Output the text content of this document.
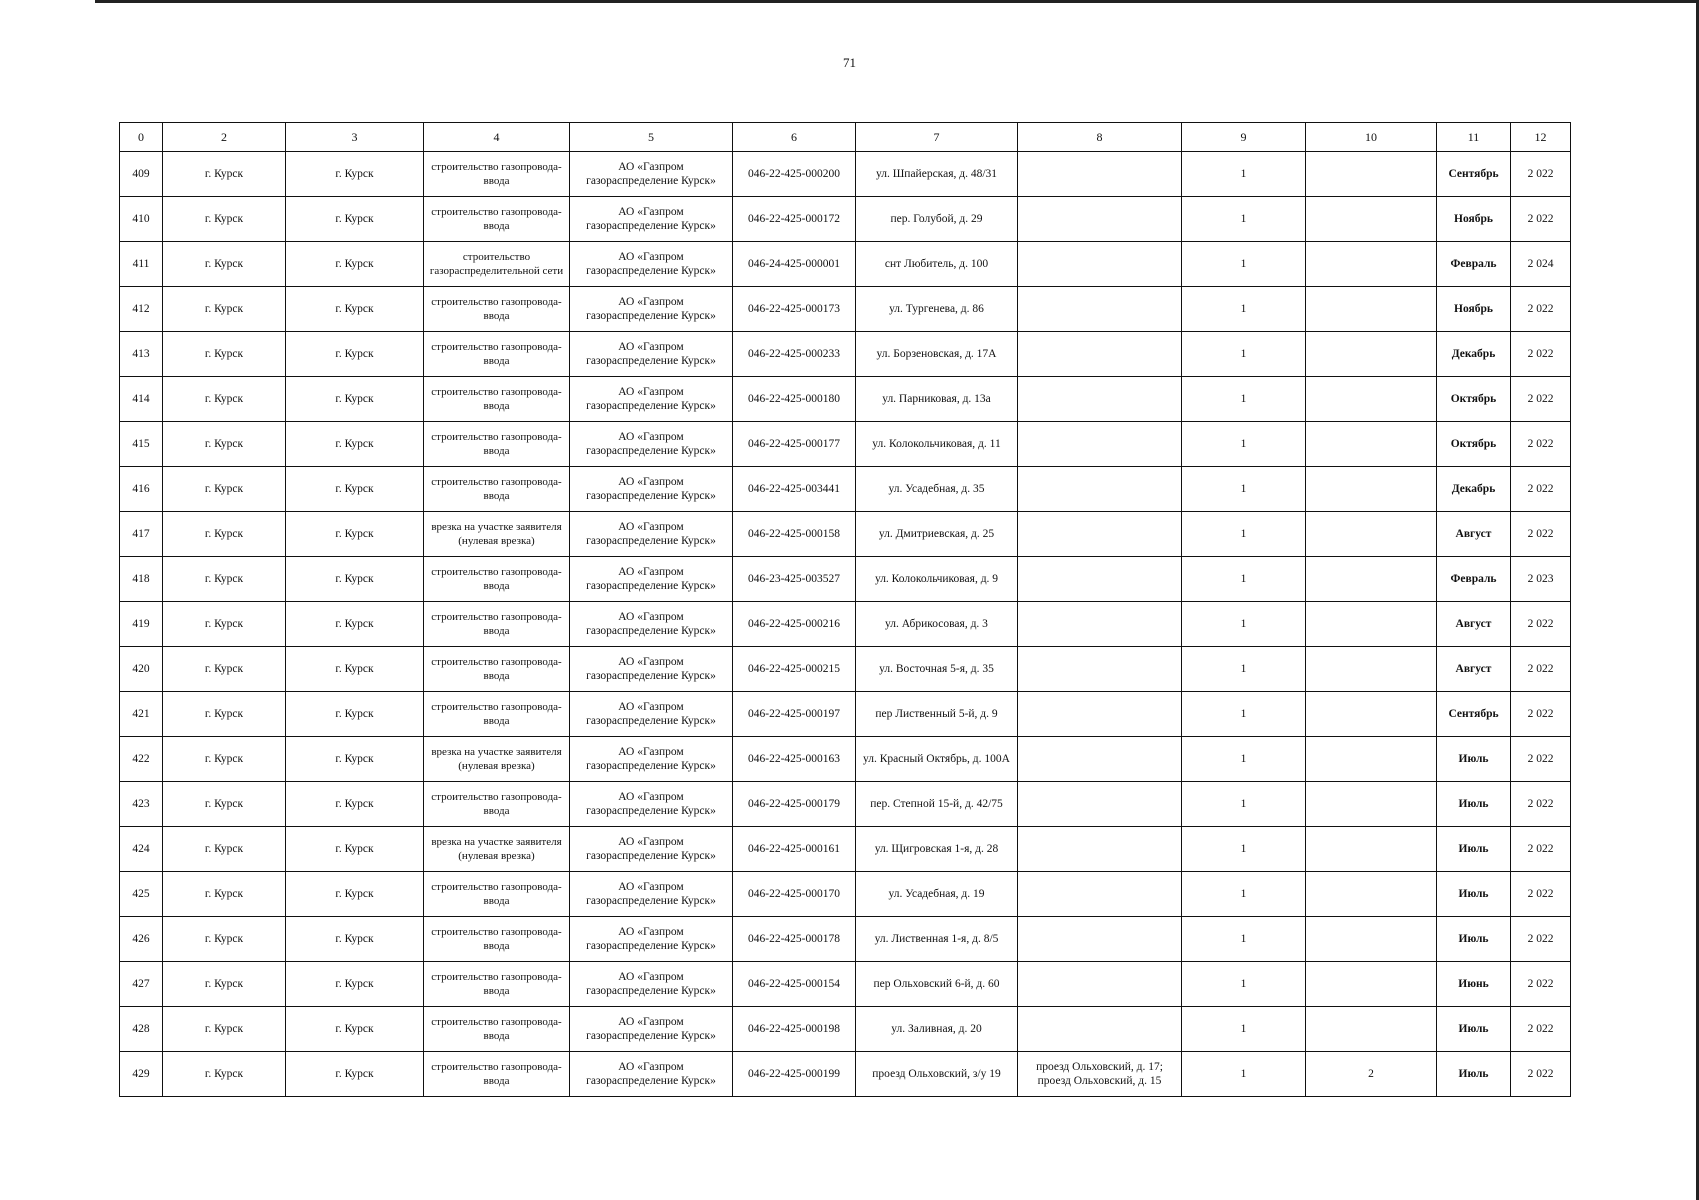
71
0	2	3	4	5	6	7	8	9	10	11	12
409	г. Курск	г. Курск	строительство газопровода-ввода	АО «Газпром газораспределение Курск»	046-22-425-000200	ул. Шпайерская, д. 48/31		1		Сентябрь	2 022
410	г. Курск	г. Курск	строительство газопровода-ввода	АО «Газпром газораспределение Курск»	046-22-425-000172	пер. Голубой, д. 29		1		Ноябрь	2 022
411	г. Курск	г. Курск	строительство газораспределительной сети	АО «Газпром газораспределение Курск»	046-24-425-000001	снт Любитель, д. 100		1		Февраль	2 024
412	г. Курск	г. Курск	строительство газопровода-ввода	АО «Газпром газораспределение Курск»	046-22-425-000173	ул. Тургенева, д. 86		1		Ноябрь	2 022
413	г. Курск	г. Курск	строительство газопровода-ввода	АО «Газпром газораспределение Курск»	046-22-425-000233	ул. Борзеновская, д. 17А		1		Декабрь	2 022
414	г. Курск	г. Курск	строительство газопровода-ввода	АО «Газпром газораспределение Курск»	046-22-425-000180	ул. Парниковая, д. 13а		1		Октябрь	2 022
415	г. Курск	г. Курск	строительство газопровода-ввода	АО «Газпром газораспределение Курск»	046-22-425-000177	ул. Колокольчиковая, д. 11		1		Октябрь	2 022
416	г. Курск	г. Курск	строительство газопровода-ввода	АО «Газпром газораспределение Курск»	046-22-425-003441	ул. Усадебная, д. 35		1		Декабрь	2 022
417	г. Курск	г. Курск	врезка на участке заявителя (нулевая врезка)	АО «Газпром газораспределение Курск»	046-22-425-000158	ул. Дмитриевская, д. 25		1		Август	2 022
418	г. Курск	г. Курск	строительство газопровода-ввода	АО «Газпром газораспределение Курск»	046-23-425-003527	ул. Колокольчиковая, д. 9		1		Февраль	2 023
419	г. Курск	г. Курск	строительство газопровода-ввода	АО «Газпром газораспределение Курск»	046-22-425-000216	ул. Абрикосовая, д. 3		1		Август	2 022
420	г. Курск	г. Курск	строительство газопровода-ввода	АО «Газпром газораспределение Курск»	046-22-425-000215	ул. Восточная 5-я, д. 35		1		Август	2 022
421	г. Курск	г. Курск	строительство газопровода-ввода	АО «Газпром газораспределение Курск»	046-22-425-000197	пер Лиственный 5-й, д. 9		1		Сентябрь	2 022
422	г. Курск	г. Курск	врезка на участке заявителя (нулевая врезка)	АО «Газпром газораспределение Курск»	046-22-425-000163	ул. Красный Октябрь, д. 100А		1		Июль	2 022
423	г. Курск	г. Курск	строительство газопровода-ввода	АО «Газпром газораспределение Курск»	046-22-425-000179	пер. Степной 15-й, д. 42/75		1		Июль	2 022
424	г. Курск	г. Курск	врезка на участке заявителя (нулевая врезка)	АО «Газпром газораспределение Курск»	046-22-425-000161	ул. Щигровская 1-я, д. 28		1		Июль	2 022
425	г. Курск	г. Курск	строительство газопровода-ввода	АО «Газпром газораспределение Курск»	046-22-425-000170	ул. Усадебная, д. 19		1		Июль	2 022
426	г. Курск	г. Курск	строительство газопровода-ввода	АО «Газпром газораспределение Курск»	046-22-425-000178	ул. Лиственная 1-я, д. 8/5		1		Июль	2 022
427	г. Курск	г. Курск	строительство газопровода-ввода	АО «Газпром газораспределение Курск»	046-22-425-000154	пер Ольховский 6-й, д. 60		1		Июнь	2 022
428	г. Курск	г. Курск	строительство газопровода-ввода	АО «Газпром газораспределение Курск»	046-22-425-000198	ул. Заливная, д. 20		1		Июль	2 022
429	г. Курск	г. Курск	строительство газопровода-ввода	АО «Газпром газораспределение Курск»	046-22-425-000199	проезд Ольховский, з/у 19	проезд Ольховский, д. 17; проезд Ольховский, д. 15	1	2	Июль	2 022
